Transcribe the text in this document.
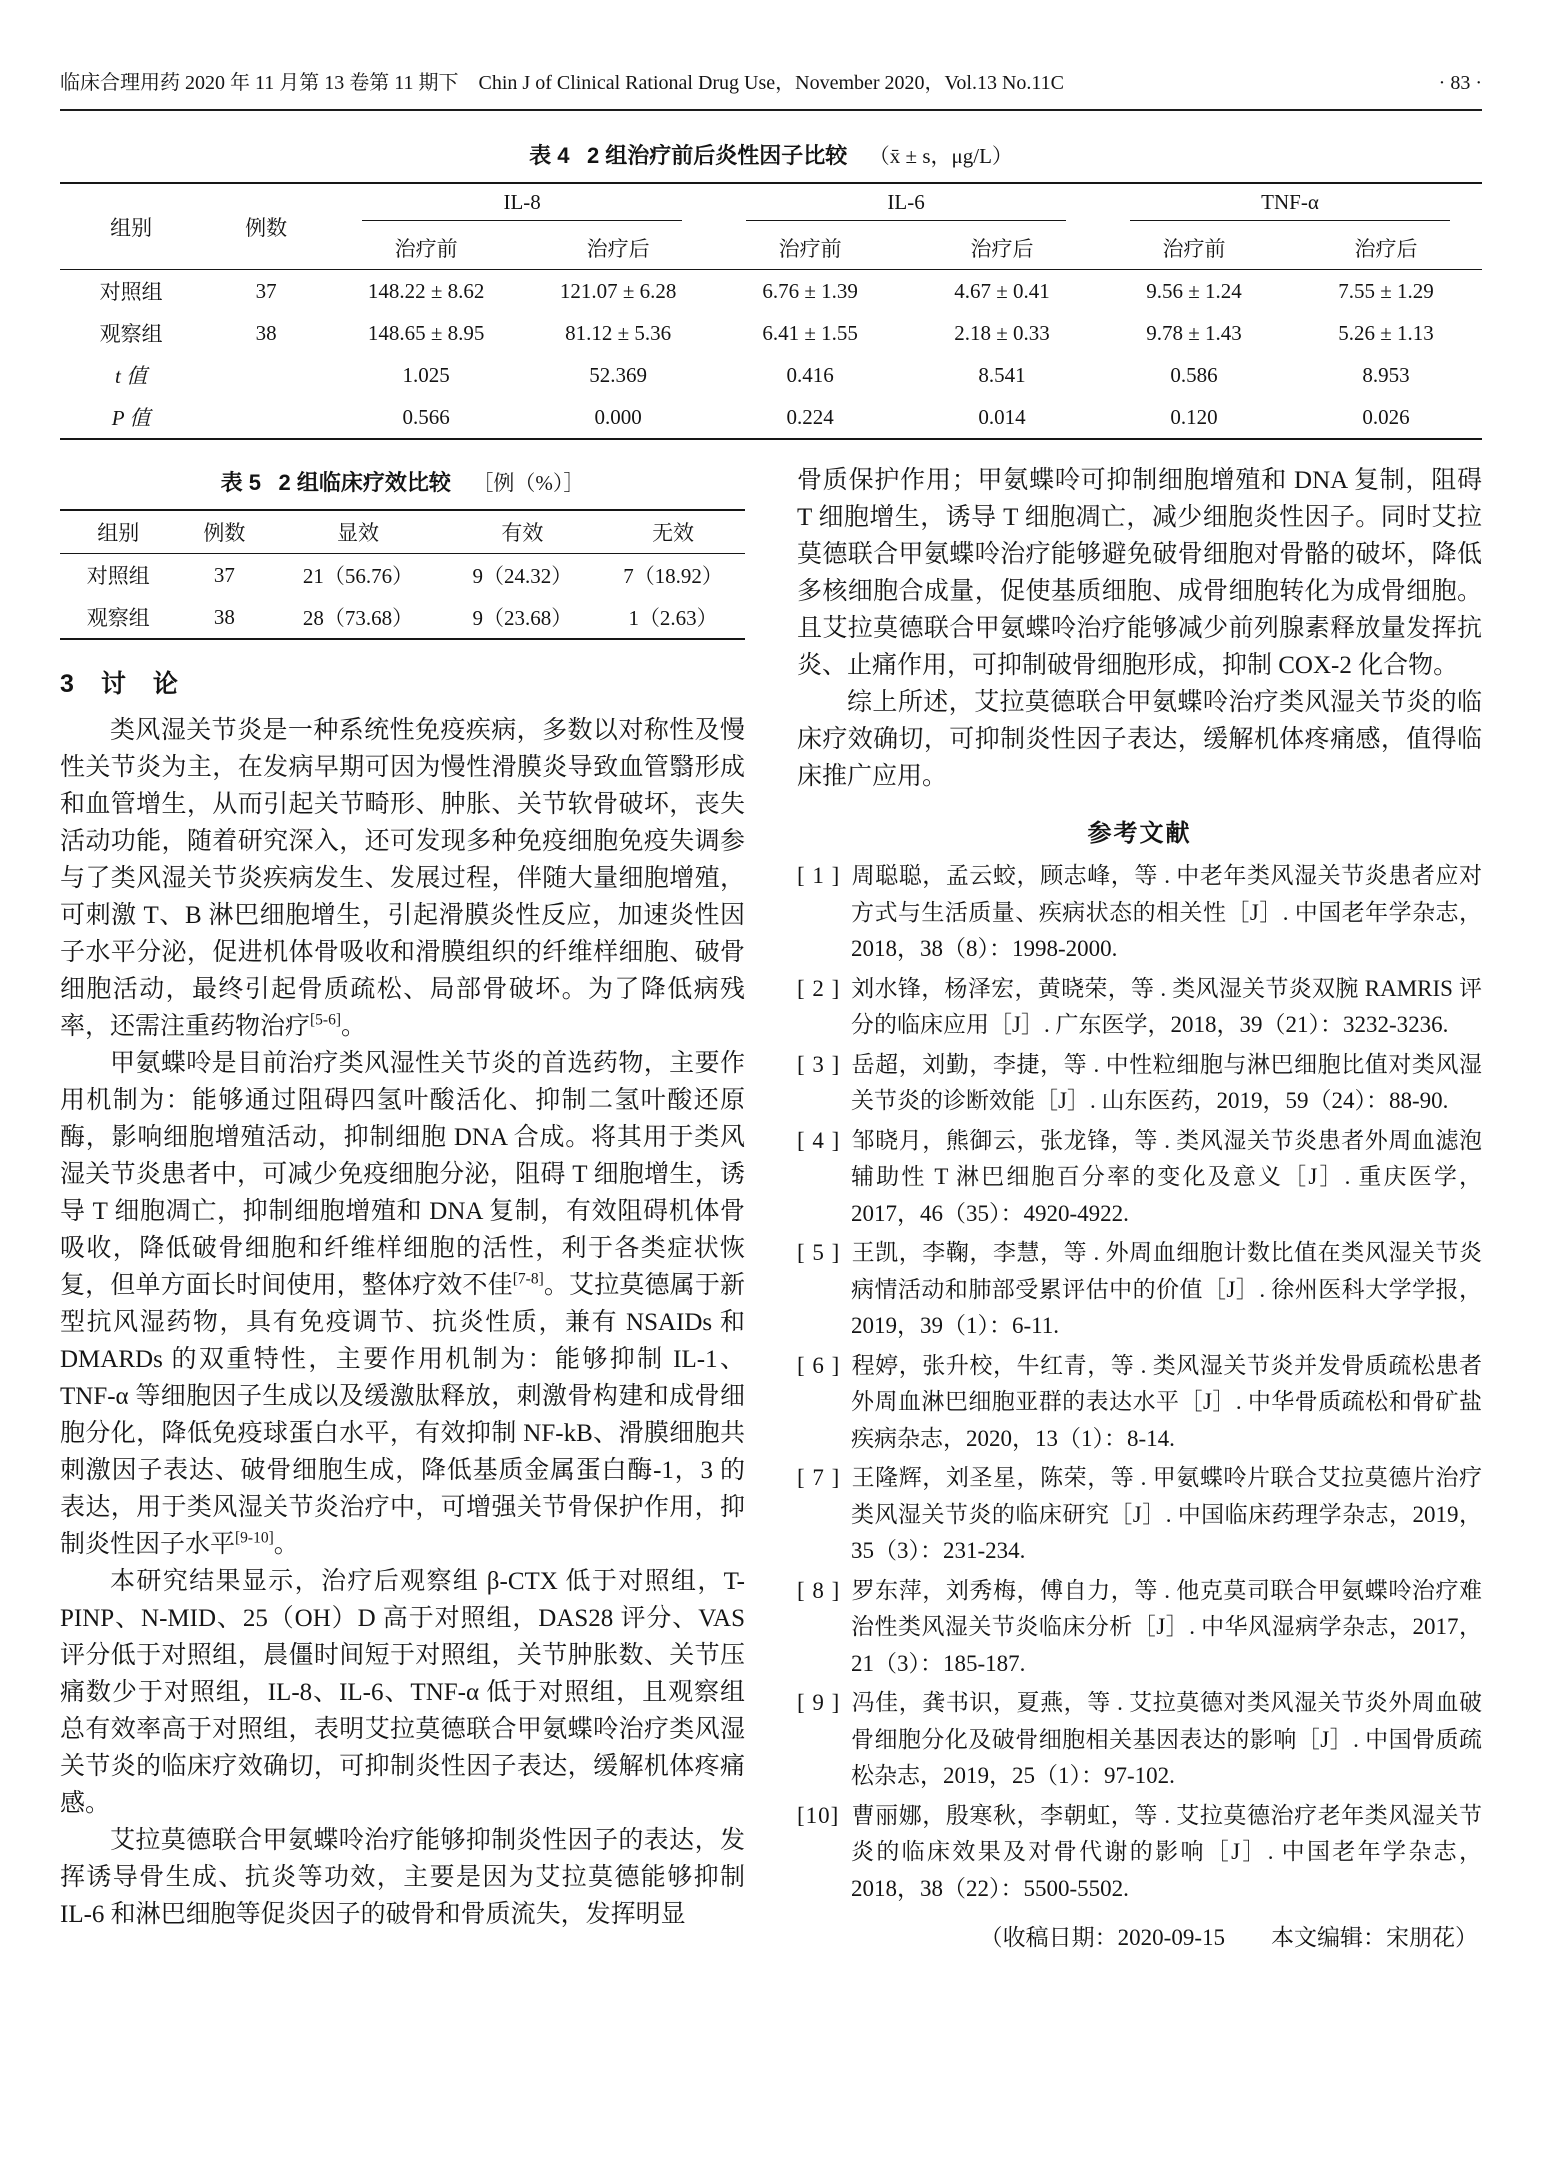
临床合理用药 2020 年 11 月第 13 卷第 11 期下　Chin J of Clinical Rational Drug Use，November 2020，Vol.13 No.11C	· 83 ·
表 4 2 组治疗前后炎性因子比较 （x̄ ± s，μg/L）
组别	例数	IL-8		IL-6		TNF-α	

		治疗前	治疗后	治疗前	治疗后	治疗前	治疗后
对照组	37	148.22 ± 8.62	121.07 ± 6.28	6.76 ± 1.39	4.67 ± 0.41	9.56 ± 1.24	7.55 ± 1.29
观察组	38	148.65 ± 8.95	81.12 ± 5.36	6.41 ± 1.55	2.18 ± 0.33	9.78 ± 1.43	5.26 ± 1.13
t 值		1.025	52.369	0.416	8.541	0.586	8.953
P 值		0.566	0.000	0.224	0.014	0.120	0.026
表 5 2 组临床疗效比较 ［例（%）］
组别	例数	显效	有效	无效
对照组	37	21（56.76）	9（24.32）	7（18.92）
观察组	38	28（73.68）	9（23.68）	1（2.63）
3　讨　论

类风湿关节炎是一种系统性免疫疾病，多数以对称性及慢性关节炎为主，在发病早期可因为慢性滑膜炎导致血管翳形成和血管增生，从而引起关节畸形、肿胀、关节软骨破坏，丧失活动功能，随着研究深入，还可发现多种免疫细胞免疫失调参与了类风湿关节炎疾病发生、发展过程，伴随大量细胞增殖，可刺激 T、B 淋巴细胞增生，引起滑膜炎性反应，加速炎性因子水平分泌，促进机体骨吸收和滑膜组织的纤维样细胞、破骨细胞活动，最终引起骨质疏松、局部骨破坏。为了降低病残率，还需注重药物治疗[5-6]。

甲氨蝶呤是目前治疗类风湿性关节炎的首选药物，主要作用机制为：能够通过阻碍四氢叶酸活化、抑制二氢叶酸还原酶，影响细胞增殖活动，抑制细胞 DNA 合成。将其用于类风湿关节炎患者中，可减少免疫细胞分泌，阻碍 T 细胞增生，诱导 T 细胞凋亡，抑制细胞增殖和 DNA 复制，有效阻碍机体骨吸收，降低破骨细胞和纤维样细胞的活性，利于各类症状恢复，但单方面长时间使用，整体疗效不佳[7-8]。艾拉莫德属于新型抗风湿药物，具有免疫调节、抗炎性质，兼有 NSAIDs 和 DMARDs 的双重特性，主要作用机制为：能够抑制 IL-1、TNF-α 等细胞因子生成以及缓激肽释放，刺激骨构建和成骨细胞分化，降低免疫球蛋白水平，有效抑制 NF-kB、滑膜细胞共刺激因子表达、破骨细胞生成，降低基质金属蛋白酶-1，3 的表达，用于类风湿关节炎治疗中，可增强关节骨保护作用，抑制炎性因子水平[9-10]。

本研究结果显示，治疗后观察组 β-CTX 低于对照组，T-PINP、N-MID、25（OH）D 高于对照组，DAS28 评分、VAS 评分低于对照组，晨僵时间短于对照组，关节肿胀数、关节压痛数少于对照组，IL-8、IL-6、TNF-α 低于对照组，且观察组总有效率高于对照组，表明艾拉莫德联合甲氨蝶呤治疗类风湿关节炎的临床疗效确切，可抑制炎性因子表达，缓解机体疼痛感。

艾拉莫德联合甲氨蝶呤治疗能够抑制炎性因子的表达，发挥诱导骨生成、抗炎等功效，主要是因为艾拉莫德能够抑制 IL-6 和淋巴细胞等促炎因子的破骨和骨质流失，发挥明显

骨质保护作用；甲氨蝶呤可抑制细胞增殖和 DNA 复制，阻碍 T 细胞增生，诱导 T 细胞凋亡，减少细胞炎性因子。同时艾拉莫德联合甲氨蝶呤治疗能够避免破骨细胞对骨骼的破坏，降低多核细胞合成量，促使基质细胞、成骨细胞转化为成骨细胞。且艾拉莫德联合甲氨蝶呤治疗能够减少前列腺素释放量发挥抗炎、止痛作用，可抑制破骨细胞形成，抑制 COX-2 化合物。

综上所述，艾拉莫德联合甲氨蝶呤治疗类风湿关节炎的临床疗效确切，可抑制炎性因子表达，缓解机体疼痛感，值得临床推广应用。

参考文献
[ 1 ] 周聪聪，孟云蛟，顾志峰，等 . 中老年类风湿关节炎患者应对方式与生活质量、疾病状态的相关性［J］. 中国老年学杂志，2018，38（8）：1998-2000.
[ 2 ] 刘水锋，杨泽宏，黄晓荣，等 . 类风湿关节炎双腕 RAMRIS 评分的临床应用［J］. 广东医学，2018，39（21）：3232-3236.
[ 3 ] 岳超，刘勤，李捷，等 . 中性粒细胞与淋巴细胞比值对类风湿关节炎的诊断效能［J］. 山东医药，2019，59（24）：88-90.
[ 4 ] 邹晓月，熊御云，张龙锋，等 . 类风湿关节炎患者外周血滤泡辅助性 T 淋巴细胞百分率的变化及意义［J］. 重庆医学，2017，46（35）：4920-4922.
[ 5 ] 王凯，李鞠，李慧，等 . 外周血细胞计数比值在类风湿关节炎病情活动和肺部受累评估中的价值［J］. 徐州医科大学学报，2019，39（1）：6-11.
[ 6 ] 程婷，张升校，牛红青，等 . 类风湿关节炎并发骨质疏松患者外周血淋巴细胞亚群的表达水平［J］. 中华骨质疏松和骨矿盐疾病杂志，2020，13（1）：8-14.
[ 7 ] 王隆辉，刘圣星，陈荣，等 . 甲氨蝶呤片联合艾拉莫德片治疗类风湿关节炎的临床研究［J］. 中国临床药理学杂志，2019，35（3）：231-234.
[ 8 ] 罗东萍，刘秀梅，傅自力，等 . 他克莫司联合甲氨蝶呤治疗难治性类风湿关节炎临床分析［J］. 中华风湿病学杂志，2017，21（3）：185-187.
[ 9 ] 冯佳，龚书识，夏燕，等 . 艾拉莫德对类风湿关节炎外周血破骨细胞分化及破骨细胞相关基因表达的影响［J］. 中国骨质疏松杂志，2019，25（1）：97-102.
[10] 曹丽娜，殷寒秋，李朝虹，等 . 艾拉莫德治疗老年类风湿关节炎的临床效果及对骨代谢的影响［J］. 中国老年学杂志，2018，38（22）：5500-5502.
（收稿日期：2020-09-15　　本文编辑：宋朋花）
